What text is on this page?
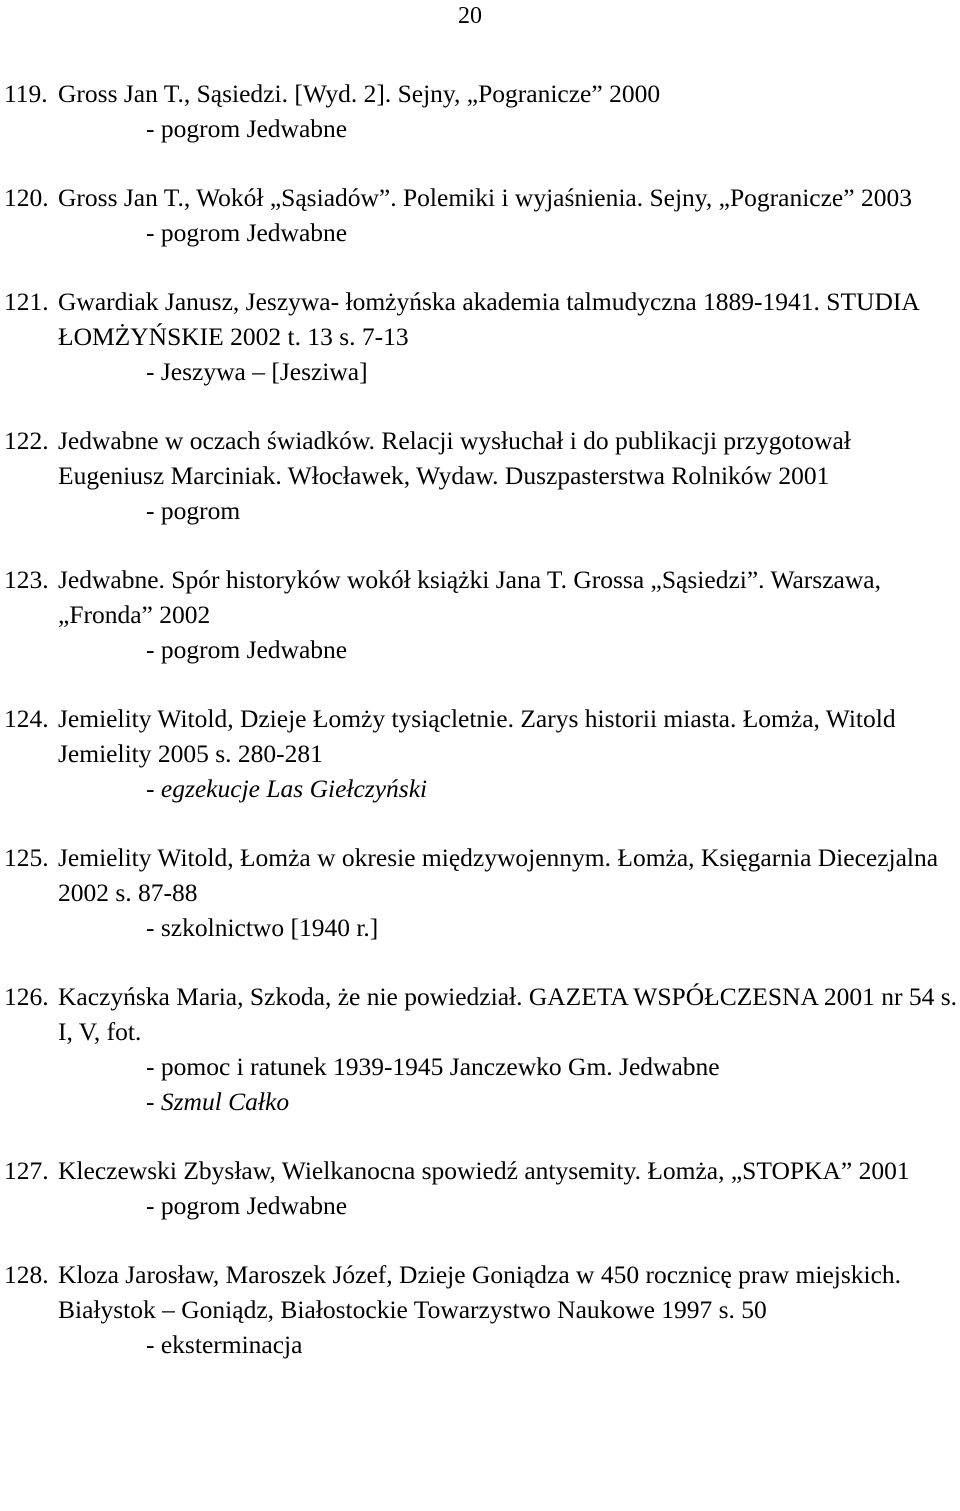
20
119. Gross Jan T., Sąsiedzi. [Wyd. 2]. Sejny, „Pogranicze” 2000
- pogrom Jedwabne
120. Gross Jan T., Wokół „Sąsiadów”. Polemiki i wyjaśnienia. Sejny, „Pogranicze” 2003
- pogrom Jedwabne
121. Gwardiak Janusz, Jeszywa- łomżyńska akademia talmudyczna 1889-1941. STUDIA ŁOMŻYŃSKIE 2002 t. 13 s. 7-13
- Jeszywa – [Jesziwa]
122. Jedwabne w oczach świadków. Relacji wysłuchał i do publikacji przygotował Eugeniusz Marciniak. Włocławek, Wydaw. Duszpasterstwa Rolników 2001
- pogrom
123. Jedwabne. Spór historyków wokół książki Jana T. Grossa „Sąsiedzi”. Warszawa, „Fronda” 2002
- pogrom Jedwabne
124. Jemielity Witold, Dzieje Łomży tysiącletnie. Zarys historii miasta. Łomża, Witold Jemielity 2005 s. 280-281
- egzekucje Las Giełczyński
125. Jemielity Witold, Łomża w okresie międzywojennym. Łomża, Księgarnia Diecezjalna 2002 s. 87-88
- szkolnictwo [1940 r.]
126. Kaczyńska Maria, Szkoda, że nie powiedział. GAZETA WSPÓŁCZESNA 2001 nr 54 s. I, V, fot.
- pomoc i ratunek 1939-1945 Janczewko Gm. Jedwabne
- Szmul Całko
127. Kleczewski Zbysław, Wielkanocna spowiedź antysemity. Łomża, „STOPKA” 2001
- pogrom Jedwabne
128. Kloza Jarosław, Maroszek Józef, Dzieje Goniądza w 450 rocznicę praw miejskich. Białystok – Goniądz, Białostockie Towarzystwo Naukowe 1997 s. 50
- eksterminacja
